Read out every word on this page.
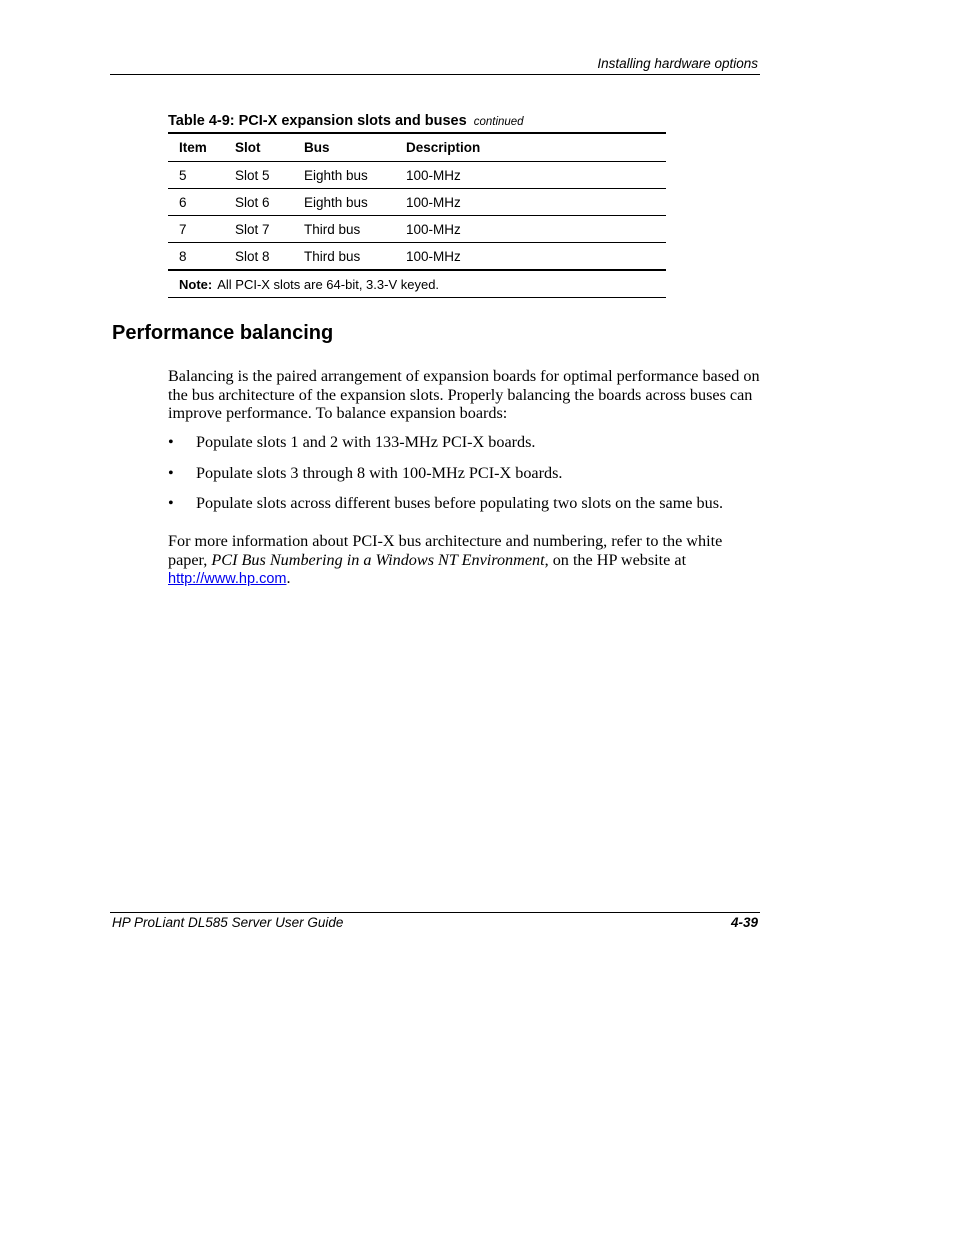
Installing hardware options
Table 4-9: PCI-X expansion slots and buses continued
Item	Slot	Bus	Description
5	Slot 5	Eighth bus	100-MHz
6	Slot 6	Eighth bus	100-MHz
7	Slot 7	Third bus	100-MHz
8	Slot 8	Third bus	100-MHz
Note: All PCI-X slots are 64-bit, 3.3-V keyed.			
Performance balancing
Balancing is the paired arrangement of expansion boards for optimal performance based on the bus architecture of the expansion slots. Properly balancing the boards across buses can improve performance. To balance expansion boards:
• Populate slots 1 and 2 with 133-MHz PCI-X boards.
• Populate slots 3 through 8 with 100-MHz PCI-X boards.
• Populate slots across different buses before populating two slots on the same bus.
For more information about PCI-X bus architecture and numbering, refer to the white paper, PCI Bus Numbering in a Windows NT Environment, on the HP website at
http://www.hp.com.
HP ProLiant DL585 Server User Guide	4-39
